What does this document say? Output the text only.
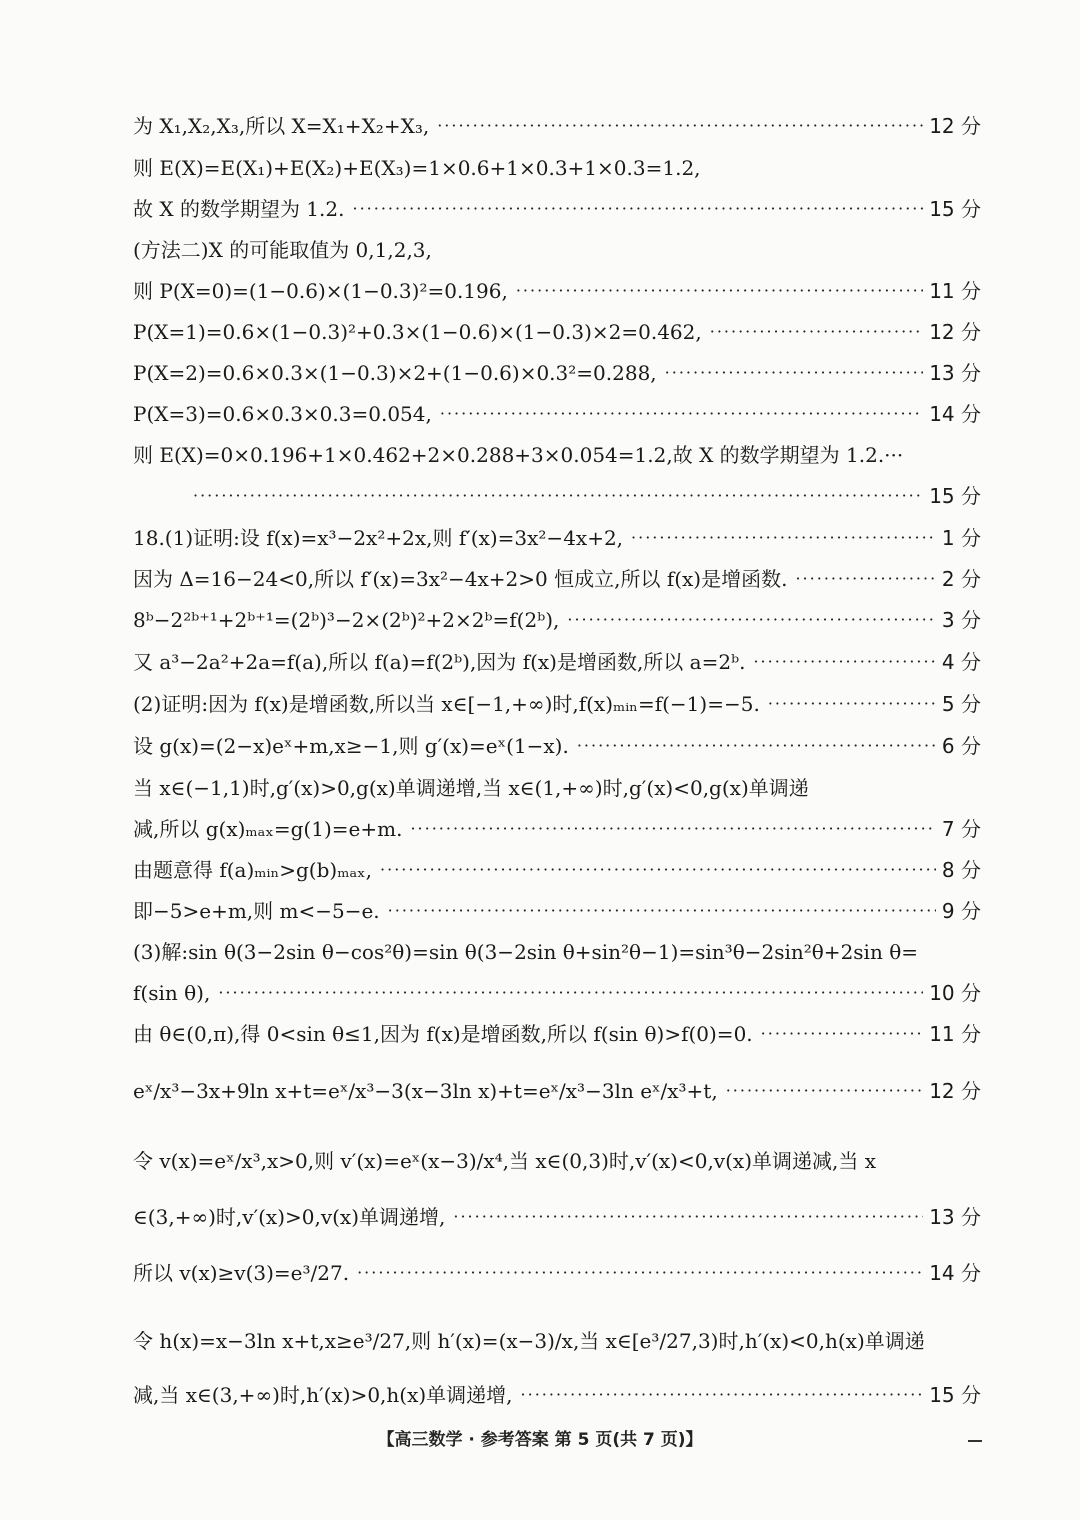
为 X₁,X₂,X₃,所以 X=X₁+X₂+X₃, ·····	12 分
则 E(X)=E(X₁)+E(X₂)+E(X₃)=1×0.6+1×0.3+1×0.3=1.2,
故 X 的数学期望为 1.2. ·····	15 分
(方法二)X 的可能取值为 0,1,2,3,
则 P(X=0)=(1−0.6)×(1−0.3)²=0.196, ·····	11 分
P(X=1)=0.6×(1−0.3)²+0.3×(1−0.6)×(1−0.3)×2=0.462, ·····	12 分
P(X=2)=0.6×0.3×(1−0.3)×2+(1−0.6)×0.3²=0.288, ·····	13 分
P(X=3)=0.6×0.3×0.3=0.054, ·····	14 分
则 E(X)=0×0.196+1×0.462+2×0.288+3×0.054=1.2,故 X 的数学期望为 1.2.···
·····
15 分
18.(1)证明:设 f(x)=x³−2x²+2x,则 f′(x)=3x²−4x+2, ·····	1 分
因为 Δ=16−24<0,所以 f′(x)=3x²−4x+2>0 恒成立,所以 f(x)是增函数. ·····	2 分
8ᵇ−2²ᵇ⁺¹+2ᵇ⁺¹=(2ᵇ)³−2×(2ᵇ)²+2×2ᵇ=f(2ᵇ), ·····	3 分
又 a³−2a²+2a=f(a),所以 f(a)=f(2ᵇ),因为 f(x)是增函数,所以 a=2ᵇ. ·····	4 分
(2)证明:因为 f(x)是增函数,所以当 x∈[−1,+∞)时,f(x)ₘᵢₙ=f(−1)=−5. ·····	5 分
设 g(x)=(2−x)eˣ+m,x≥−1,则 g′(x)=eˣ(1−x). ·····	6 分
当 x∈(−1,1)时,g′(x)>0,g(x)单调递增,当 x∈(1,+∞)时,g′(x)<0,g(x)单调递
减,所以 g(x)ₘₐₓ=g(1)=e+m. ·····	7 分
由题意得 f(a)ₘᵢₙ>g(b)ₘₐₓ, ·····	8 分
即−5>e+m,则 m<−5−e. ·····	9 分
(3)解:sin θ(3−2sin θ−cos²θ)=sin θ(3−2sin θ+sin²θ−1)=sin³θ−2sin²θ+2sin θ=
f(sin θ), ·····	10 分
由 θ∈(0,π),得 0<sin θ≤1,因为 f(x)是增函数,所以 f(sin θ)>f(0)=0. ·····	11 分
eˣ/x³−3x+9ln x+t=eˣ/x³−3(x−3ln x)+t=eˣ/x³−3ln eˣ/x³+t, ·····	12 分
令 v(x)=eˣ/x³,x>0,则 v′(x)=eˣ(x−3)/x⁴,当 x∈(0,3)时,v′(x)<0,v(x)单调递减,当 x
∈(3,+∞)时,v′(x)>0,v(x)单调递增, ·····	13 分
所以 v(x)≥v(3)=e³/27. ·····	14 分
令 h(x)=x−3ln x+t,x≥e³/27,则 h′(x)=(x−3)/x,当 x∈[e³/27,3)时,h′(x)<0,h(x)单调递
减,当 x∈(3,+∞)时,h′(x)>0,h(x)单调递增, ·····	15 分
【高三数学 · 参考答案 第 5 页(共 7 页)】
